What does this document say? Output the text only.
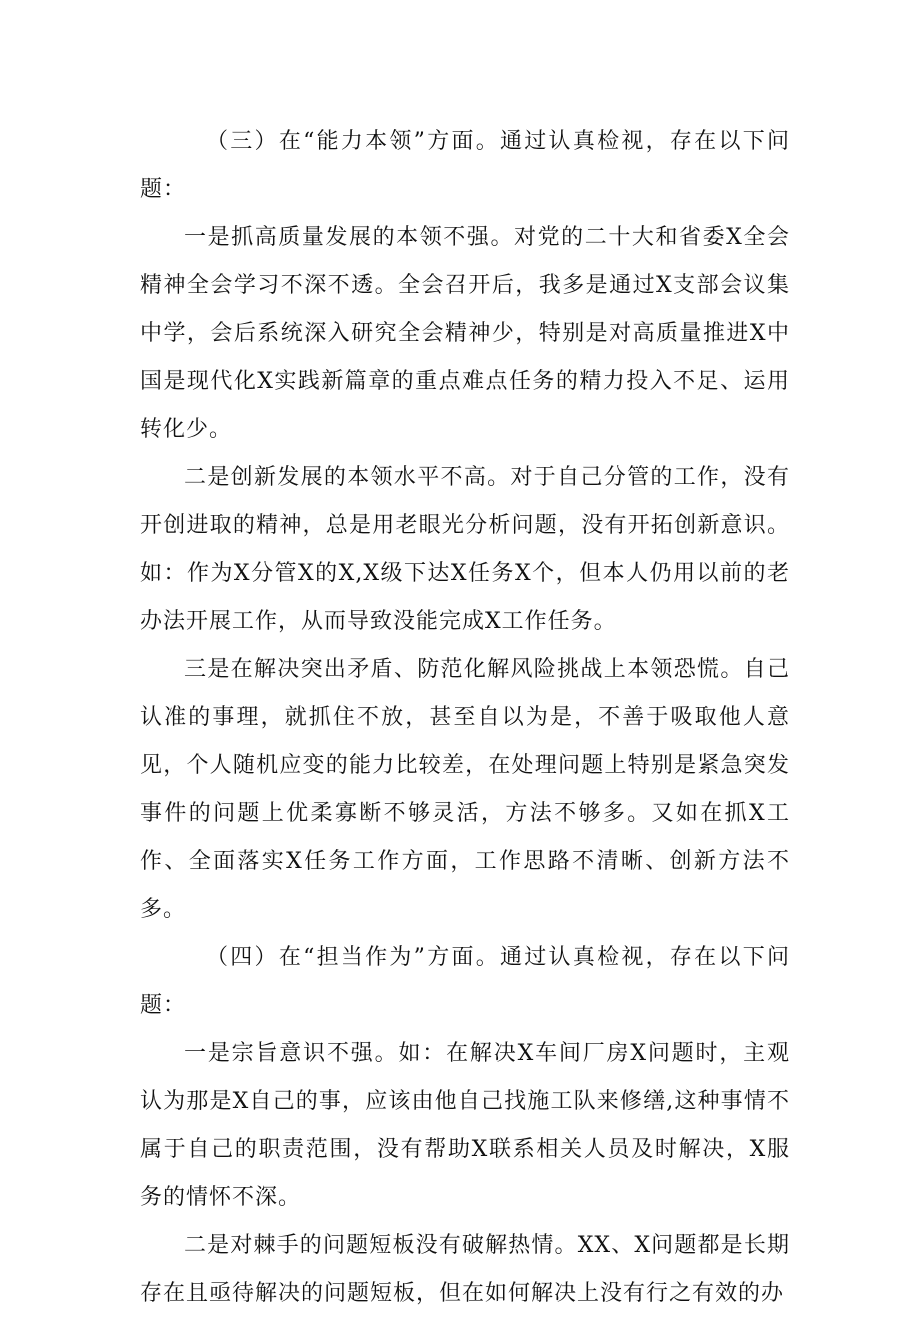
（三）在“能力本领”方面。通过认真检视，存在以下问题：

一是抓高质量发展的本领不强。对党的二十大和省委X全会精神全会学习不深不透。全会召开后，我多是通过X支部会议集中学，会后系统深入研究全会精神少，特别是对高质量推进X中国是现代化X实践新篇章的重点难点任务的精力投入不足、运用转化少。

二是创新发展的本领水平不高。对于自己分管的工作，没有开创进取的精神，总是用老眼光分析问题，没有开拓创新意识。如：作为X分管X的X,X级下达X任务X个，但本人仍用以前的老办法开展工作，从而导致没能完成X工作任务。

三是在解决突出矛盾、防范化解风险挑战上本领恐慌。自己认准的事理，就抓住不放，甚至自以为是，不善于吸取他人意见，个人随机应变的能力比较差，在处理问题上特别是紧急突发事件的问题上优柔寡断不够灵活，方法不够多。又如在抓X工作、全面落实X任务工作方面，工作思路不清晰、创新方法不多。

（四）在“担当作为”方面。通过认真检视，存在以下问题：

一是宗旨意识不强。如：在解决X车间厂房X问题时，主观认为那是X自己的事，应该由他自己找施工队来修缮,这种事情不属于自己的职责范围，没有帮助X联系相关人员及时解决，X服务的情怀不深。

二是对棘手的问题短板没有破解热情。XX、X问题都是长期存在且亟待解决的问题短板，但在如何解决上没有行之有效的办
